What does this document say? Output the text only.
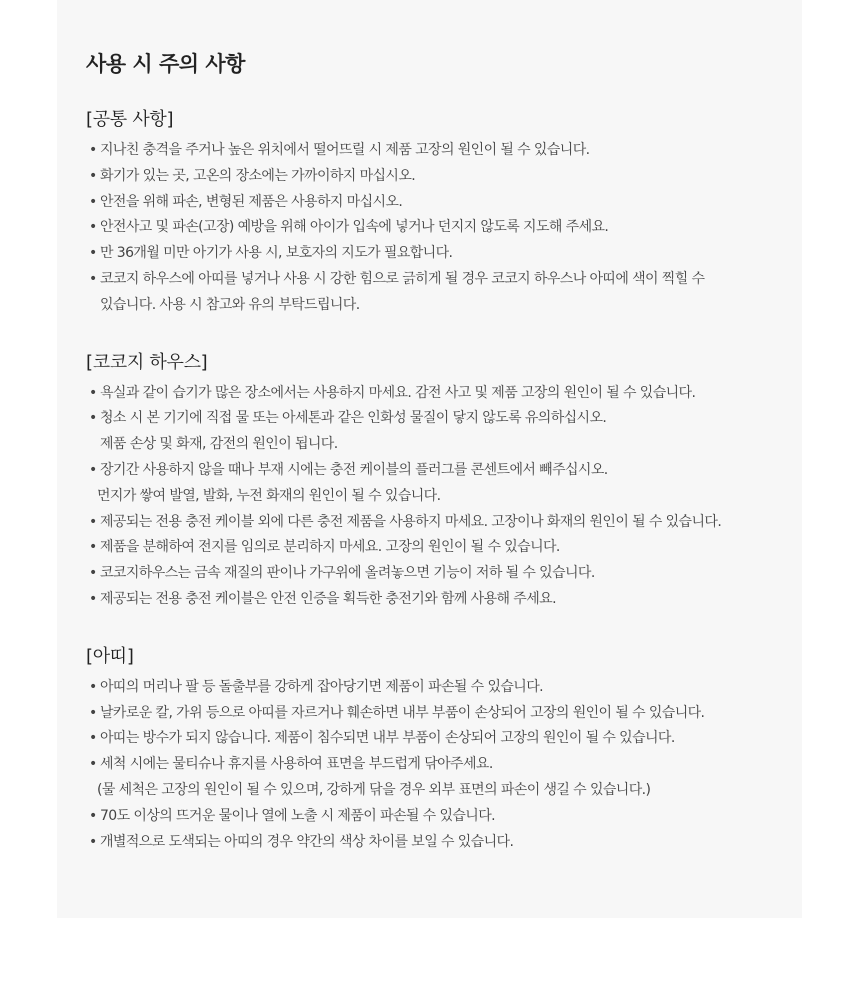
사용 시 주의 사항
[공통 사항]
• 지나친 충격을 주거나 높은 위치에서 떨어뜨릴 시 제품 고장의 원인이 될 수 있습니다.
• 화기가 있는 곳, 고온의 장소에는 가까이하지 마십시오.
• 안전을 위해 파손, 변형된 제품은 사용하지 마십시오.
• 안전사고 및 파손(고장) 예방을 위해 아이가 입속에 넣거나 던지지 않도록 지도해 주세요.
• 만 36개월 미만 아기가 사용 시, 보호자의 지도가 필요합니다.
• 코코지 하우스에 아띠를 넣거나 사용 시 강한 힘으로 긁히게 될 경우 코코지 하우스나 아띠에 색이 찍힐 수
있습니다. 사용 시 참고와 유의 부탁드립니다.
[코코지 하우스]
• 욕실과 같이 습기가 많은 장소에서는 사용하지 마세요. 감전 사고 및 제품 고장의 원인이 될 수 있습니다.
• 청소 시 본 기기에 직접 물 또는 아세톤과 같은 인화성 물질이 닿지 않도록 유의하십시오.
제품 손상 및 화재, 감전의 원인이 됩니다.
• 장기간 사용하지 않을 때나 부재 시에는 충전 케이블의 플러그를 콘센트에서 빼주십시오.
먼지가 쌓여 발열, 발화, 누전 화재의 원인이 될 수 있습니다.
• 제공되는 전용 충전 케이블 외에 다른 충전 제품을 사용하지 마세요. 고장이나 화재의 원인이 될 수 있습니다.
• 제품을 분해하여 전지를 임의로 분리하지 마세요. 고장의 원인이 될 수 있습니다.
• 코코지하우스는 금속 재질의 판이나 가구위에 올려놓으면 기능이 저하 될 수 있습니다.
• 제공되는 전용 충전 케이블은 안전 인증을 획득한 충전기와 함께 사용해 주세요.
[아띠]
• 아띠의 머리나 팔 등 돌출부를 강하게 잡아당기면 제품이 파손될 수 있습니다.
• 날카로운 칼, 가위 등으로 아띠를 자르거나 훼손하면 내부 부품이 손상되어 고장의 원인이 될 수 있습니다.
• 아띠는 방수가 되지 않습니다. 제품이 침수되면 내부 부품이 손상되어 고장의 원인이 될 수 있습니다.
• 세척 시에는 물티슈나 휴지를 사용하여 표면을 부드럽게 닦아주세요.
(물 세척은 고장의 원인이 될 수 있으며, 강하게 닦을 경우 외부 표면의 파손이 생길 수 있습니다.)
• 70도 이상의 뜨거운 물이나 열에 노출 시 제품이 파손될 수 있습니다.
• 개별적으로 도색되는 아띠의 경우 약간의 색상 차이를 보일 수 있습니다.
